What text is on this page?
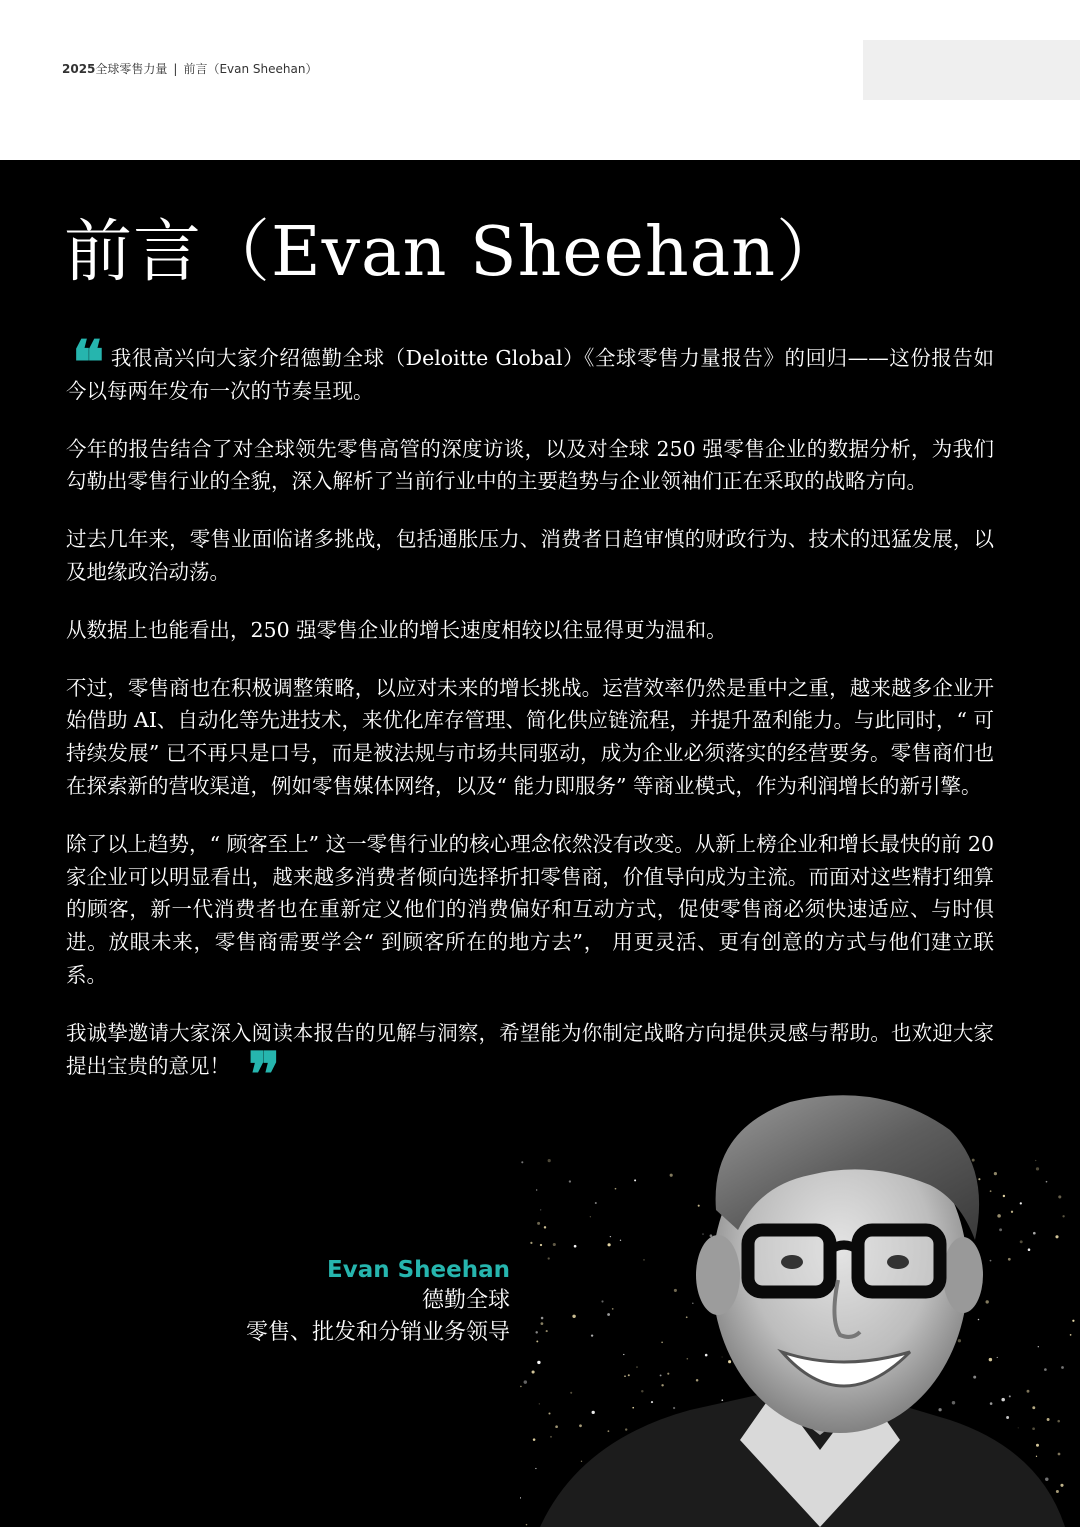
2025全球零售力量 | 前言（Evan Sheehan）
前言（Evan Sheehan）

❝ 我很高兴向大家介绍德勤全球（Deloitte Global）《全球零售力量报告》的回归——这份报告如今以每两年发布一次的节奏呈现。

今年的报告结合了对全球领先零售高管的深度访谈，以及对全球 250 强零售企业的数据分析，为我们勾勒出零售行业的全貌，深入解析了当前行业中的主要趋势与企业领袖们正在采取的战略方向。

过去几年来，零售业面临诸多挑战，包括通胀压力、消费者日趋审慎的财政行为、技术的迅猛发展，以及地缘政治动荡。

从数据上也能看出，250 强零售企业的增长速度相较以往显得更为温和。

不过，零售商也在积极调整策略，以应对未来的增长挑战。运营效率仍然是重中之重，越来越多企业开始借助 AI、自动化等先进技术，来优化库存管理、简化供应链流程，并提升盈利能力。与此同时，“ 可持续发展” 已不再只是口号，而是被法规与市场共同驱动，成为企业必须落实的经营要务。零售商们也在探索新的营收渠道，例如零售媒体网络，以及“ 能力即服务” 等商业模式，作为利润增长的新引擎。

除了以上趋势，“ 顾客至上” 这一零售行业的核心理念依然没有改变。从新上榜企业和增长最快的前 20 家企业可以明显看出，越来越多消费者倾向选择折扣零售商，价值导向成为主流。而面对这些精打细算的顾客，新一代消费者也在重新定义他们的消费偏好和互动方式，促使零售商必须快速适应、与时俱进。放眼未来，零售商需要学会“ 到顾客所在的地方去”， 用更灵活、更有创意的方式与他们建立联系。

我诚挚邀请大家深入阅读本报告的见解与洞察，希望能为你制定战略方向提供灵感与帮助。也欢迎大家提出宝贵的意见！ ❞

Evan Sheehan
德勤全球
零售、批发和分销业务领导
